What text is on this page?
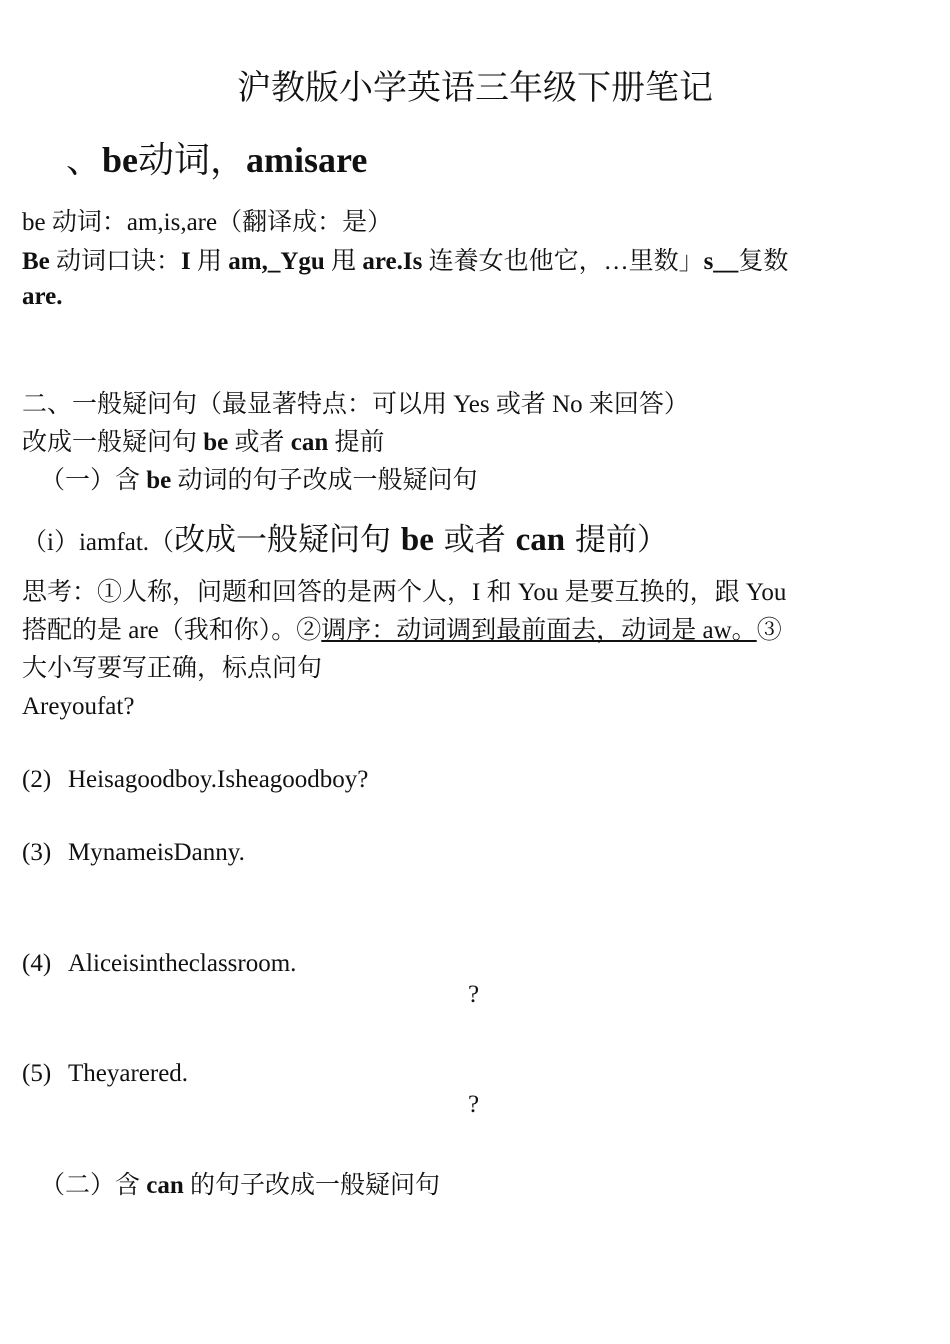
沪教版小学英语三年级下册笔记
、be动词，amisare
be 动词：am,is,are（翻译成：是）
Be 动词口诀：I 用 am,_Ygu 甩 are.Is 连養女也他它，…里数」s__复数
are.
二、一般疑问句（最显著特点：可以用 Yes 或者 No 来回答）
改成一般疑问句 be 或者 can 提前
（一）含 be 动词的句子改成一般疑问句
（i）iamfat.（改成一般疑问句 be 或者 can 提前）
思考：①人称，问题和回答的是两个人，I 和 You 是要互换的，跟 You
搭配的是 are（我和你）。②调序：动词调到最前面去，动词是 aw。③
大小写要写正确，标点问句
Areyoufat?
(2) Heisagoodboy.Isheagoodboy?
(3) MynameisDanny.
(4) Aliceisintheclassroom.
?
(5) Theyarered.
?
（二）含 can 的句子改成一般疑问句
